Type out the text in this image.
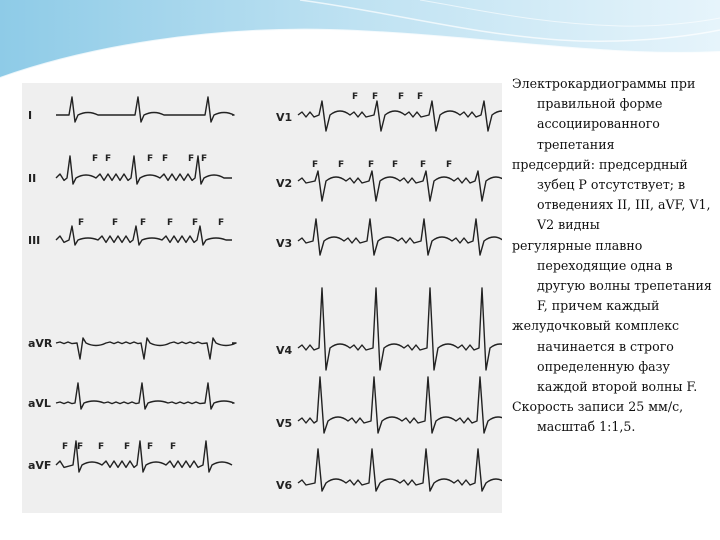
I
II
III
aVR
aVL
aVF
V1
V2
V3
V4
V5
V6
F F	F F F F
F	F F F F F
F F F F F F
F F F F
F F	F F F F

Электрокардиограммы при правильной форме ассоциированного трепетания

предсердий: предсердный зубец P отсутствует; в отведениях II, III, aVF, V1, V2 видны

регулярные плавно переходящие одна в другую волны трепетания F, причем каждый

желудочковый комплекс начинается в строго определенную фазу каждой второй волны F.

Скорость записи 25 мм/с, масштаб 1:1,5.
